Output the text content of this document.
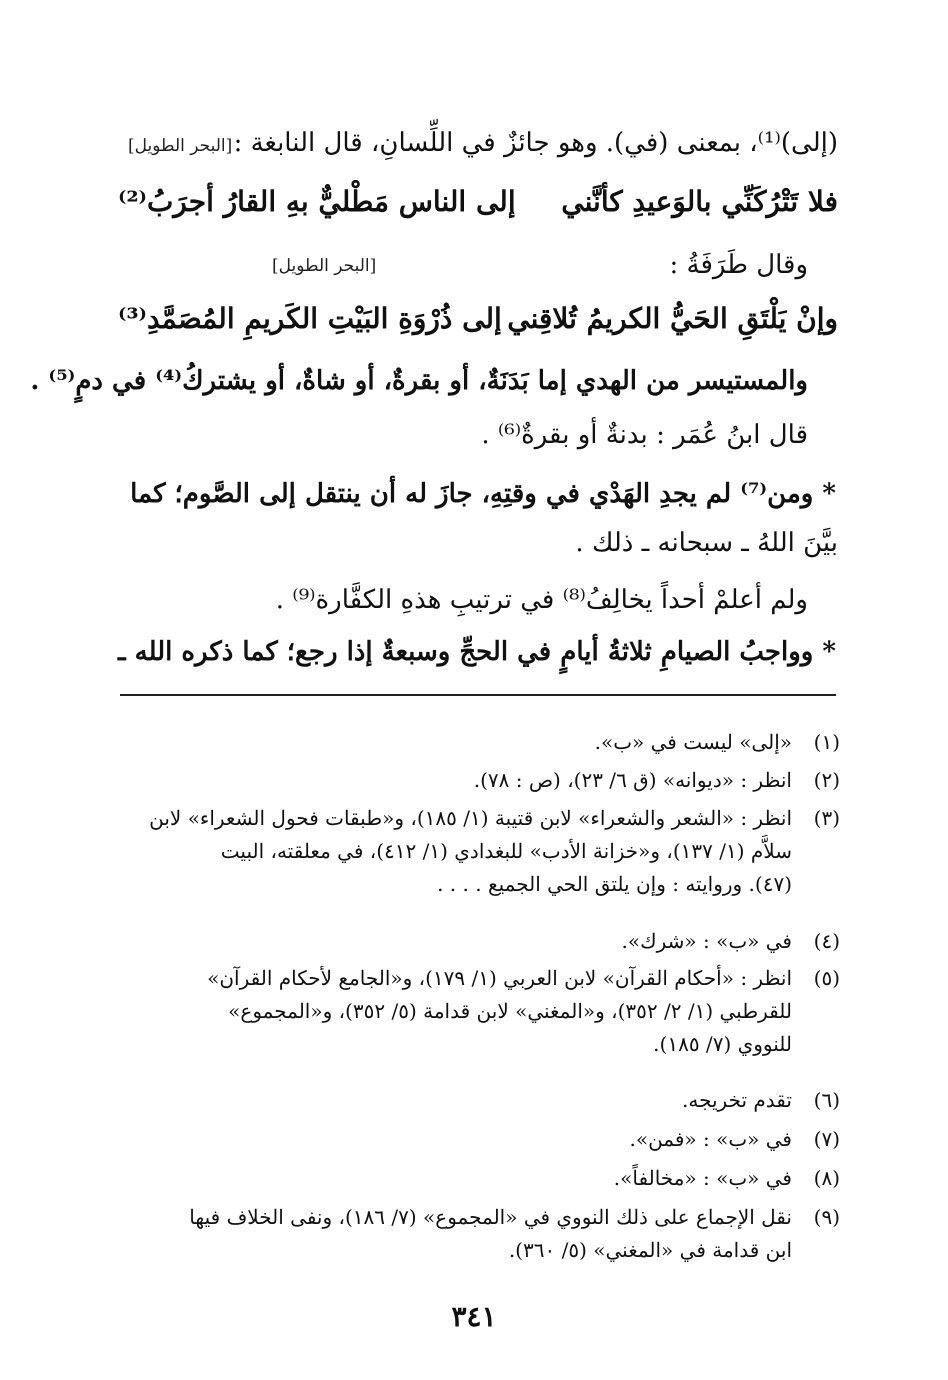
(إلى)⁽¹⁾، بمعنى (في). وهو جائزٌ في اللِّسانِ، قال النابغة :
[البحر الطويل]
فلا تَتْرُكَنِّي بالوَعيدِ كأنَّني
إلى الناس مَطْليٌّ بهِ القارُ أجرَبُ⁽²⁾
وقال طَرَفَةُ :
[البحر الطويل]
وإنْ يَلْتَقِ الحَيُّ الكريمُ تُلاقِني
إلى ذُرْوَةِ البَيْتِ الكَريمِ المُصَمَّدِ⁽³⁾
والمستيسر من الهدي إما بَدَنَةٌ، أو بقرةٌ، أو شاةٌ، أو يشتركُ⁽⁴⁾ في دمٍ⁽⁵⁾ .
قال ابنُ عُمَر : بدنةٌ أو بقرةٌ⁽⁶⁾ .
* ومن⁽⁷⁾ لم يجدِ الهَدْي في وقتِهِ، جازَ له أن ينتقل إلى الصَّوم؛ كما
بيَّنَ اللهُ ـ سبحانه ـ ذلك .
ولم أعلمْ أحداً يخالِفُ⁽⁸⁾ في ترتيبِ هذهِ الكفَّارة⁽⁹⁾ .
* وواجبُ الصيامِ ثلاثةُ أيامٍ في الحجِّ وسبعةٌ إذا رجع؛ كما ذكره الله ـ
(١)
«إلى» ليست في «ب».
(٢)
انظر : «ديوانه» (ق ٦/ ٢٣)، (ص : ٧٨).
(٣)
انظر : «الشعر والشعراء» لابن قتيبة (١/ ١٨٥)، و«طبقات فحول الشعراء» لابن
سلاَّم (١/ ١٣٧)، و«خزانة الأدب» للبغدادي (١/ ٤١٢)، في معلقته، البيت
(٤٧). وروايته : وإن يلتق الحي الجميع . . . .
(٤)
في «ب» : «شرك».
(٥)
انظر : «أحكام القرآن» لابن العربي (١/ ١٧٩)، و«الجامع لأحكام القرآن»
للقرطبي (١/ ٢/ ٣٥٢)، و«المغني» لابن قدامة (٥/ ٣٥٢)، و«المجموع»
للنووي (٧/ ١٨٥).
(٦)
تقدم تخريجه.
(٧)
في «ب» : «فمن».
(٨)
في «ب» : «مخالفاً».
(٩)
نقل الإجماع على ذلك النووي في «المجموع» (٧/ ١٨٦)، ونفى الخلاف فيها
ابن قدامة في «المغني» (٥/ ٣٦٠).
٣٤١
